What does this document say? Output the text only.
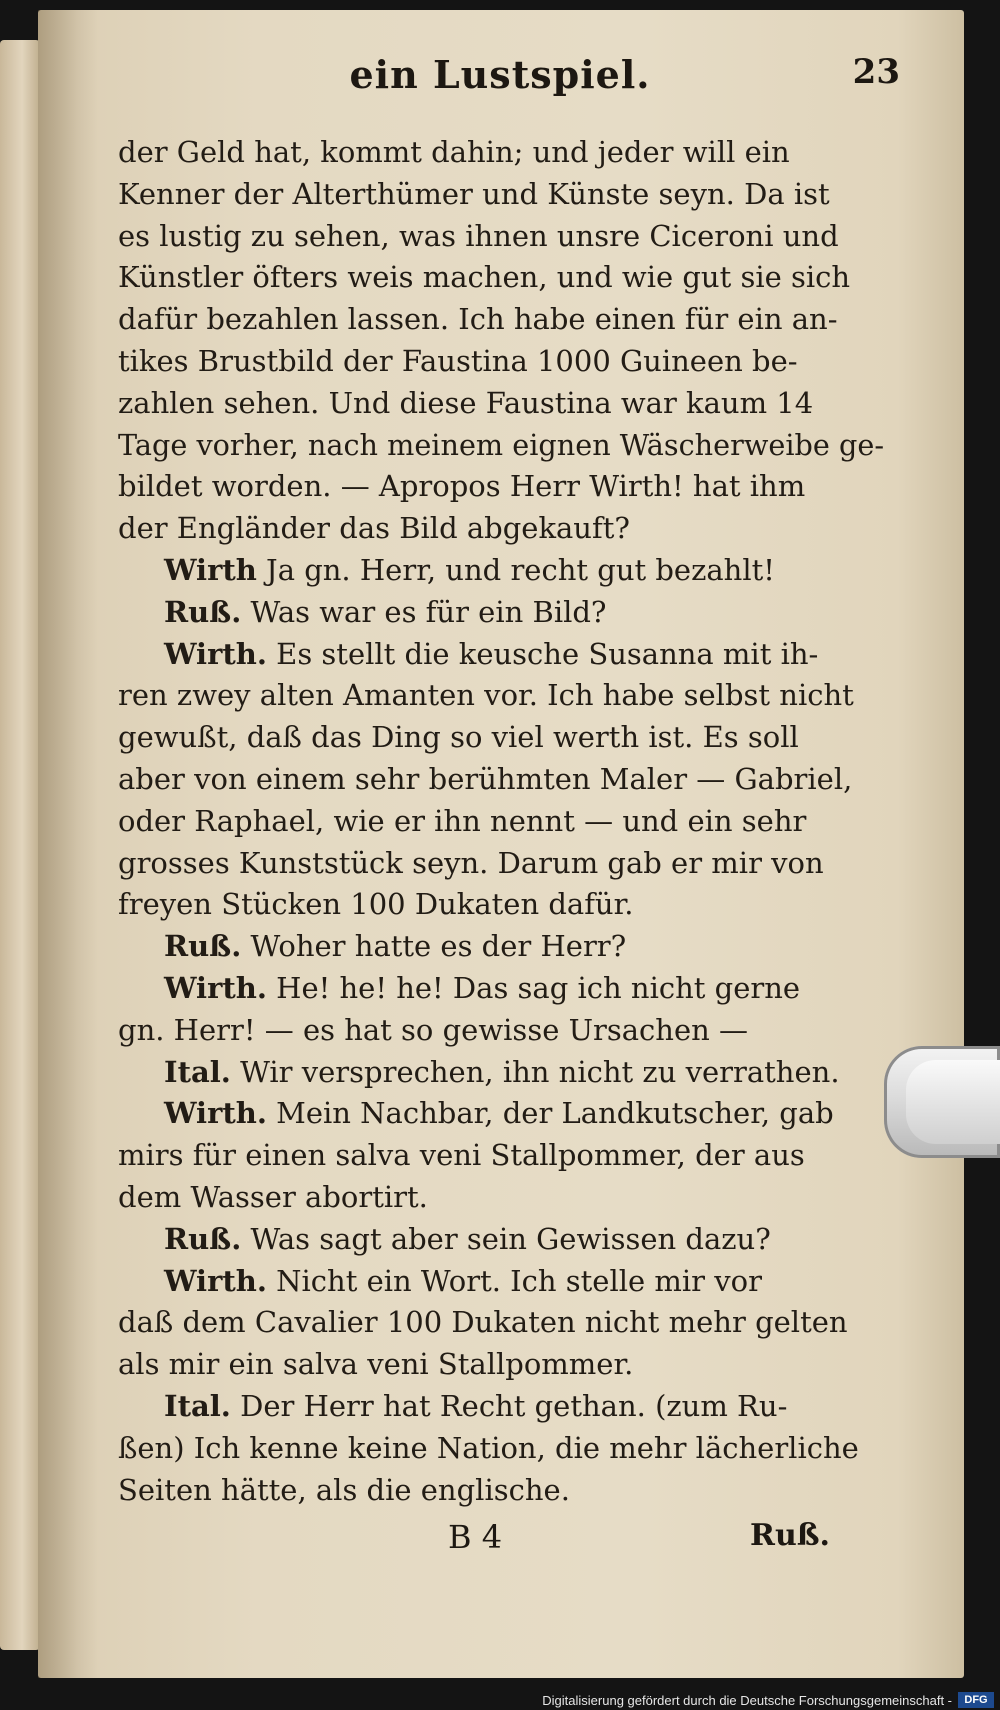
ein Lustspiel.	23
der Geld hat, kommt dahin; und jeder will ein
Kenner der Alterthümer und Künste seyn. Da ist
es lustig zu sehen, was ihnen unsre Ciceroni und
Künstler öfters weis machen, und wie gut sie sich
dafür bezahlen lassen. Ich habe einen für ein an-
tikes Brustbild der Faustina 1000 Guineen be-
zahlen sehen. Und diese Faustina war kaum 14
Tage vorher, nach meinem eignen Wäscherweibe ge-
bildet worden. — Apropos Herr Wirth! hat ihm
der Engländer das Bild abgekauft?
Wirth Ja gn. Herr, und recht gut bezahlt!
Ruß. Was war es für ein Bild?
Wirth. Es stellt die keusche Susanna mit ih-
ren zwey alten Amanten vor. Ich habe selbst nicht
gewußt, daß das Ding so viel werth ist. Es soll
aber von einem sehr berühmten Maler — Gabriel,
oder Raphael, wie er ihn nennt — und ein sehr
grosses Kunststück seyn. Darum gab er mir von
freyen Stücken 100 Dukaten dafür.
Ruß. Woher hatte es der Herr?
Wirth. He! he! he! Das sag ich nicht gerne
gn. Herr! — es hat so gewisse Ursachen —
Ital. Wir versprechen, ihn nicht zu verrathen.
Wirth. Mein Nachbar, der Landkutscher, gab
mirs für einen salva veni Stallpommer, der aus
dem Wasser abortirt.
Ruß. Was sagt aber sein Gewissen dazu?
Wirth. Nicht ein Wort. Ich stelle mir vor
daß dem Cavalier 100 Dukaten nicht mehr gelten
als mir ein salva veni Stallpommer.
Ital. Der Herr hat Recht gethan. (zum Ru-
ßen) Ich kenne keine Nation, die mehr lächerliche
Seiten hätte, als die englische.
B 4	Ruß.
Digitalisierung gefördert durch die Deutsche Forschungsgemeinschaft -	DFG
